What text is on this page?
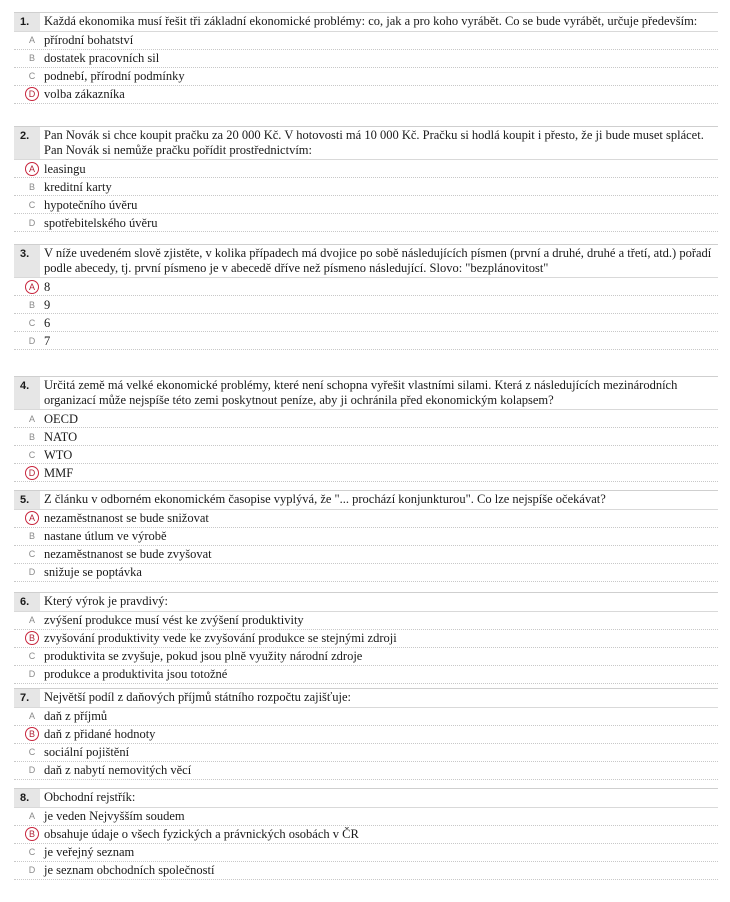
1.	Každá ekonomika musí řešit tři základní ekonomické problémy: co, jak a pro koho vyrábět. Co se bude vyrábět, určuje především:
A přírodní bohatství
B dostatek pracovních sil
C podnebí, přírodní podmínky
D volba zákazníka
2.	Pan Novák si chce koupit pračku za 20 000 Kč. V hotovosti má 10 000 Kč. Pračku si hodlá koupit i přesto, že ji bude muset splácet. Pan Novák si nemůže pračku pořídit prostřednictvím:
A leasingu
B kreditní karty
C hypotečního úvěru
D spotřebitelského úvěru
3.	V níže uvedeném slově zjistěte, v kolika případech má dvojice po sobě následujících písmen (první a druhé, druhé a třetí, atd.) pořadí podle abecedy, tj. první písmeno je v abecedě dříve než písmeno následující. Slovo: "bezplánovitost"
A 8
B 9
C 6
D 7
4.	Určitá země má velké ekonomické problémy, které není schopna vyřešit vlastními silami. Která z následujících mezinárodních organizací může nejspíše této zemi poskytnout peníze, aby ji ochránila před ekonomickým kolapsem?
A OECD
B NATO
C WTO
D MMF
5.	Z článku v odborném ekonomickém časopise vyplývá, že "... prochází konjunkturou". Co lze nejspíše očekávat?
A nezaměstnanost se bude snižovat
B nastane útlum ve výrobě
C nezaměstnanost se bude zvyšovat
D snižuje se poptávka
6.	Který výrok je pravdivý:
A zvýšení produkce musí vést ke zvýšení produktivity
B zvyšování produktivity vede ke zvyšování produkce se stejnými zdroji
C produktivita se zvyšuje, pokud jsou plně využity národní zdroje
D produkce a produktivita jsou totožné
7.	Největší podíl z daňových příjmů státního rozpočtu zajišťuje:
A daň z příjmů
B daň z přidané hodnoty
C sociální pojištění
D daň z nabytí nemovitých věcí
8.	Obchodní rejstřík:
A je veden Nejvyšším soudem
B obsahuje údaje o všech fyzických a právnických osobách v ČR
C je veřejný seznam
D je seznam obchodních společností
